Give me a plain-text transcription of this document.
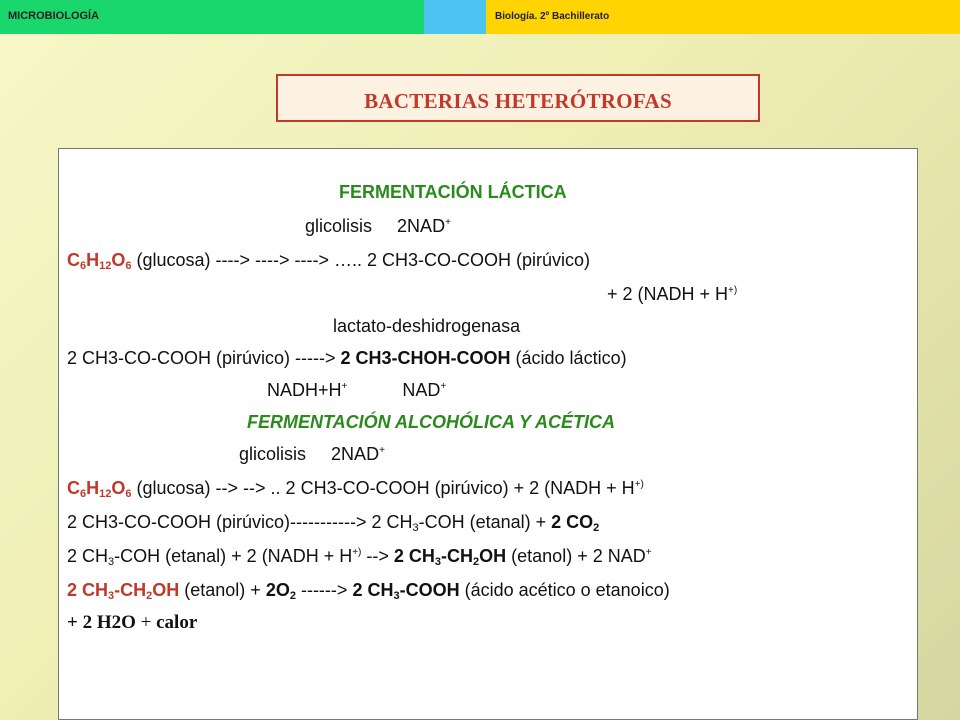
MICROBIOLOGÍA	Biología. 2º Bachillerato
BACTERIAS HETERÓTROFAS
FERMENTACIÓN LÁCTICA
glicolisis 2NAD+
$C_6H_{12}O_6$ (glucosa) ----> ----> ----> ….. 2 CH3-CO-COOH (pirúvico)
+ 2 (NADH + H+)
lactato-deshidrogenasa
2 CH3-CO-COOH (pirúvico) -----> 2 CH3-CHOH-COOH (ácido láctico)
NADH+H+	NAD+
FERMENTACIÓN ALCOHÓLICA Y ACÉTICA
glicolisis 2NAD+
$C_6H_{12}O_6$ (glucosa) --> --> .. 2 CH3-CO-COOH (pirúvico) + 2 (NADH + H+)
2 CH3-CO-COOH (pirúvico)-----------> 2 $CH_3$-COH (etanal) + 2 $CO_2$
2 $CH_3$-COH (etanal) + 2 (NADH + H+) --> 2 $CH_3-CH_2OH$ (etanol) + 2 NAD+
2 $CH_3-CH_2OH$ (etanol) + $2O_2$ ------> 2 $CH_3$-COOH (ácido acético o etanoico)
+ 2 H2O + calor
